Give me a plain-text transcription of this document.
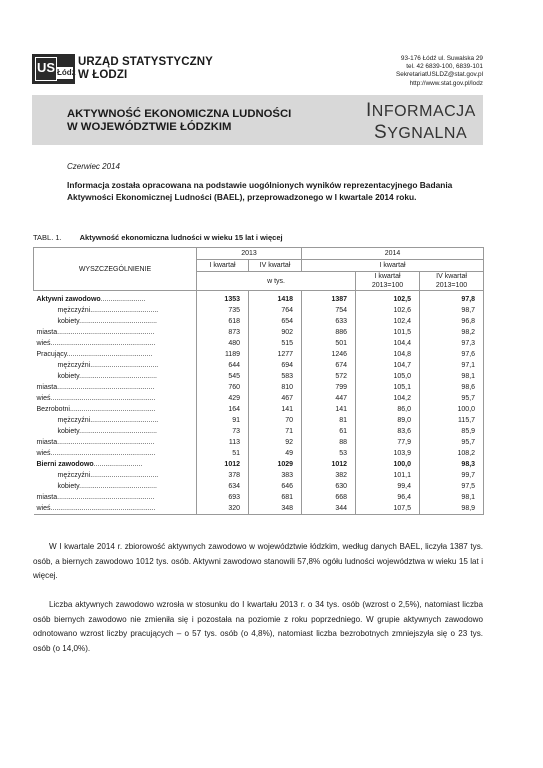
US Łódź
URZĄD STATYSTYCZNY
W ŁODZI
93-176 Łódź ul. Suwalska 29
tel. 42 6839-100, 6839-101
SekretariatUSLDZ@stat.gov.pl
http://www.stat.gov.pl/lodz
AKTYWNOŚĆ EKONOMICZNA LUDNOŚCI
W WOJEWÓDZTWIE ŁÓDZKIM
INFORMACJA
SYGNALNA
Czerwiec 2014
Informacja została opracowana na podstawie uogólnionych wyników reprezentacyjnego Badania Aktywności Ekonomicznej Ludności (BAEL), przeprowadzonego w I kwartale 2014 roku.
TABL. 1. Aktywność ekonomiczna ludności w wieku 15 lat i więcej
WYSZCZEGÓLNIENIE	2013		2014		
	I kwartał	IV kwartał	I kwartał		
	w tys.			I kwartał 2013=100	IV kwartał 2013=100

Aktywni zawodowo.......................	1353	1418	1387	102,5	97,8
mężczyźni...................................	735	764	754	102,6	98,7
kobiety........................................	618	654	633	102,4	96,8
miasta..................................................	873	902	886	101,5	98,2
wieś......................................................	480	515	501	104,4	97,3
Pracujący............................................	1189	1277	1246	104,8	97,6
mężczyźni...................................	644	694	674	104,7	97,1
kobiety........................................	545	583	572	105,0	98,1
miasta..................................................	760	810	799	105,1	98,6
wieś......................................................	429	467	447	104,2	95,7
Bezrobotni............................................	164	141	141	86,0	100,0
mężczyźni...................................	91	70	81	89,0	115,7
kobiety........................................	73	71	61	83,6	85,9
miasta..................................................	113	92	88	77,9	95,7
wieś......................................................	51	49	53	103,9	108,2
Bierni zawodowo.........................	1012	1029	1012	100,0	98,3
mężczyźni...................................	378	383	382	101,1	99,7
kobiety........................................	634	646	630	99,4	97,5
miasta..................................................	693	681	668	96,4	98,1
wieś......................................................	320	348	344	107,5	98,9
W I kwartale 2014 r. zbiorowość aktywnych zawodowo w województwie łódzkim, według danych BAEL, liczyła 1387 tys. osób, a biernych zawodowo 1012 tys. osób. Aktywni zawodowo stanowili 57,8% ogółu ludności województwa w wieku 15 lat i więcej.
Liczba aktywnych zawodowo wzrosła w stosunku do I kwartału 2013 r. o 34 tys. osób (wzrost o 2,5%), natomiast liczba osób biernych zawodowo nie zmieniła się i pozostała na poziomie z roku poprzedniego. W grupie aktywnych zawodowo odnotowano wzrost liczby pracujących – o 57 tys. osób (o 4,8%), natomiast liczba bezrobotnych zmniejszyła się o 23 tys. osób (o 14,0%).
